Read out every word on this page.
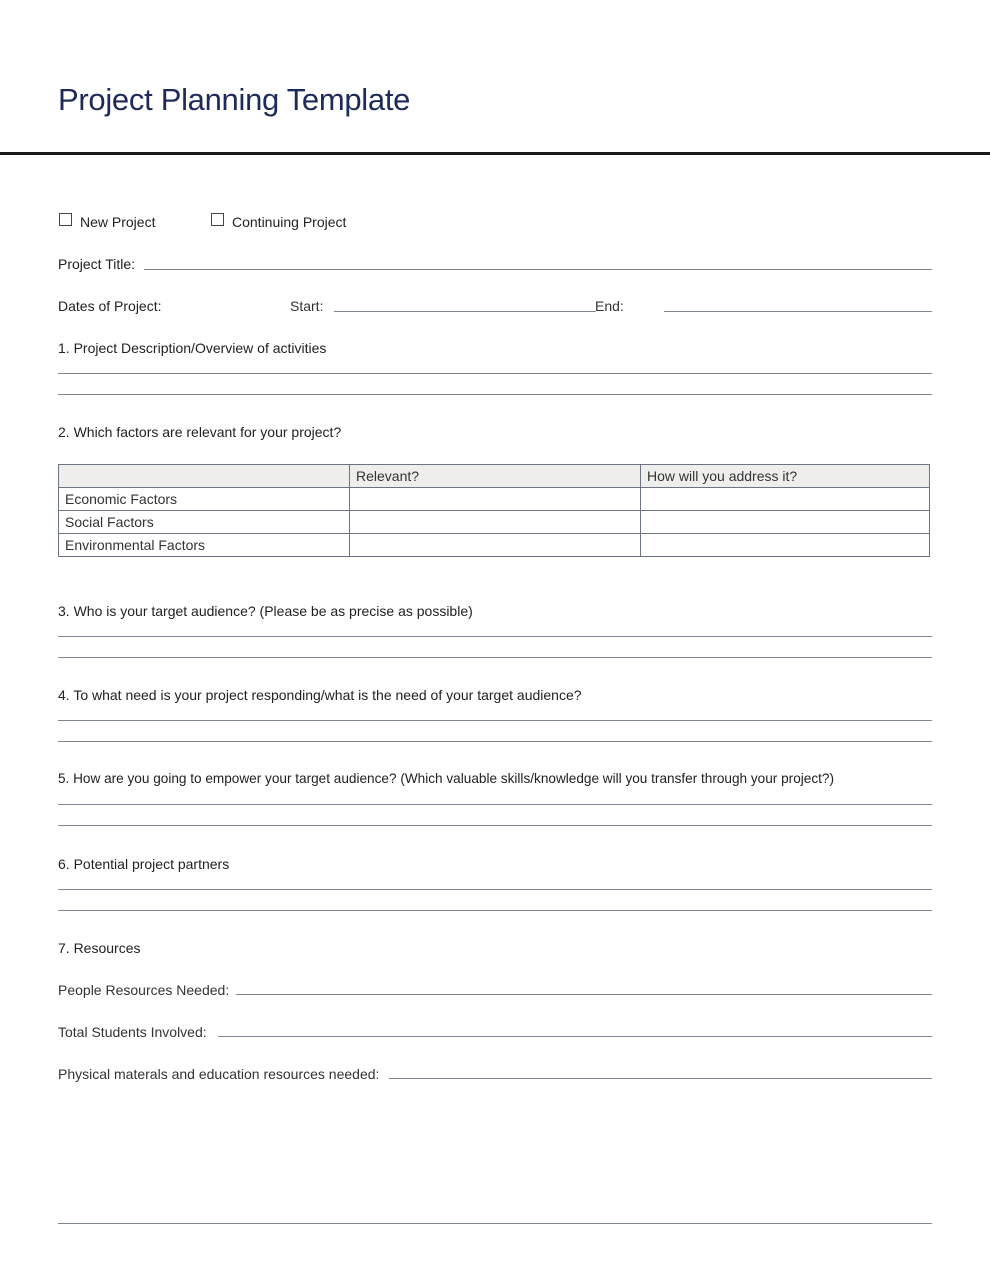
Project Planning Template
New Project	Continuing Project
Project Title:
Dates of Project:	Start:	End:
1. Project Description/Overview of activities
2. Which factors are relevant for your project?
	Relevant?	How will you address it?
Economic Factors		
Social Factors		
Environmental Factors		
3. Who is your target audience? (Please be as precise as possible)
4. To what need is your project responding/what is the need of your target audience?
5. How are you going to empower your target audience? (Which valuable skills/knowledge will you transfer through your project?)
6. Potential project partners
7. Resources
People Resources Needed:
Total Students Involved:
Physical materals and education resources needed:
